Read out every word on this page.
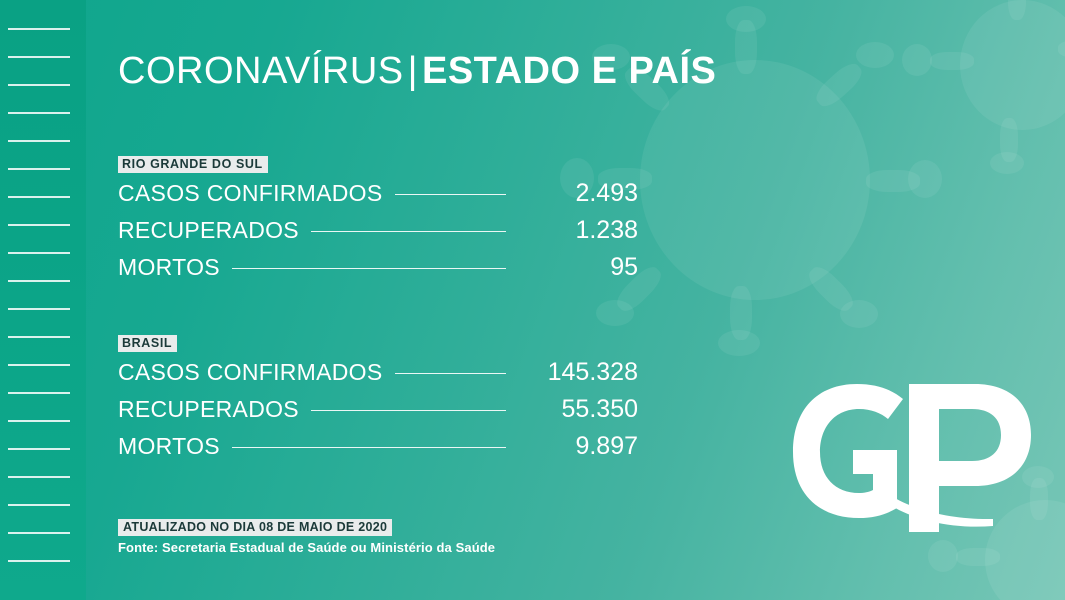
CORONAVÍRUS | ESTADO E PAÍS
RIO GRANDE DO SUL
CASOS CONFIRMADOS	2.493
RECUPERADOS	1.238
MORTOS	95
BRASIL
CASOS CONFIRMADOS	145.328
RECUPERADOS	55.350
MORTOS	9.897
ATUALIZADO NO DIA 08 DE MAIO DE 2020
Fonte: Secretaria Estadual de Saúde ou Ministério da Saúde
